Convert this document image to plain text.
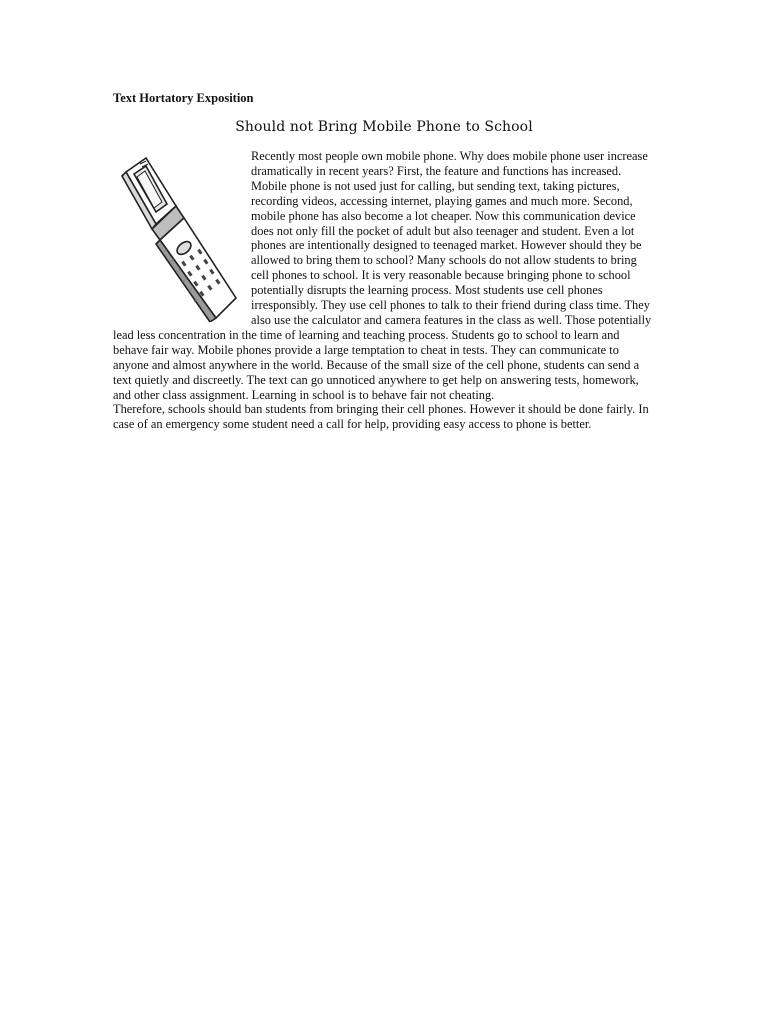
Text Hortatory Exposition
Should not Bring Mobile Phone to School

Recently most people own mobile phone. Why does mobile phone user increase dramatically in recent years? First, the feature and functions has increased. Mobile phone is not used just for calling, but sending text, taking pictures, recording videos, accessing internet, playing games and much more. Second, mobile phone has also become a lot cheaper. Now this communication device does not only fill the pocket of adult but also teenager and student. Even a lot phones are intentionally designed to teenaged market. However should they be allowed to bring them to school? Many schools do not allow students to bring cell phones to school. It is very reasonable because bringing phone to school potentially disrupts the learning process. Most students use cell phones irresponsibly. They use cell phones to talk to their friend during class time. They also use the calculator and camera features in the class as well. Those potentially lead less concentration in the time of learning and teaching process. Students go to school to learn and behave fair way. Mobile phones provide a large temptation to cheat in tests. They can communicate to anyone and almost anywhere in the world. Because of the small size of the cell phone, students can send a text quietly and discreetly. The text can go unnoticed anywhere to get help on answering tests, homework, and other class assignment. Learning in school is to behave fair not cheating.

Therefore, schools should ban students from bringing their cell phones. However it should be done fairly. In case of an emergency some student need a call for help, providing easy access to phone is better.
